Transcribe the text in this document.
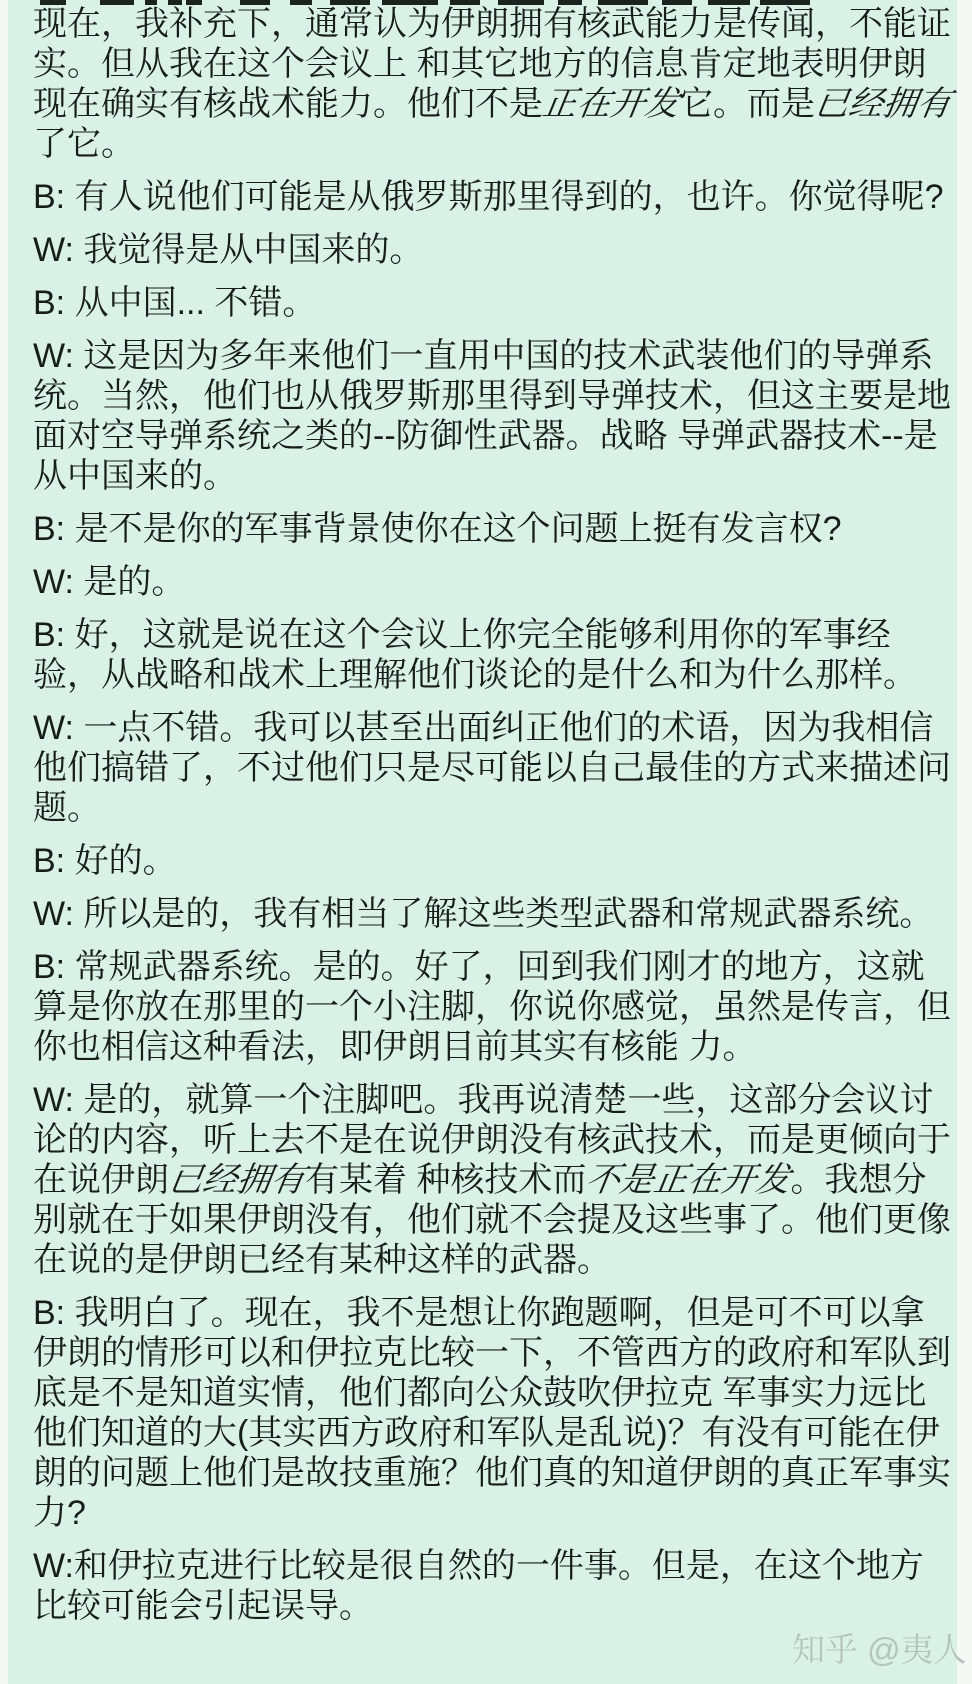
现在，我补充下，通常认为伊朗拥有核武能力是传闻，不能证实。但从我在这个会议上 和其它地方的信息肯定地表明伊朗现在确实有核战术能力。他们不是正在开发它。而是已经拥有了它。

B: 有人说他们可能是从俄罗斯那里得到的，也许。你觉得呢?

W: 我觉得是从中国来的。

B: 从中国... 不错。

W: 这是因为多年来他们一直用中国的技术武装他们的导弹系统。当然，他们也从俄罗斯那里得到导弹技术，但这主要是地面对空导弹系统之类的--防御性武器。战略 导弹武器技术--是从中国来的。

B: 是不是你的军事背景使你在这个问题上挺有发言权?

W: 是的。

B: 好，这就是说在这个会议上你完全能够利用你的军事经验，从战略和战术上理解他们谈论的是什么和为什么那样。

W: 一点不错。我可以甚至出面纠正他们的术语，因为我相信他们搞错了，不过他们只是尽可能以自己最佳的方式来描述问题。

B: 好的。

W: 所以是的，我有相当了解这些类型武器和常规武器系统。

B: 常规武器系统。是的。好了，回到我们刚才的地方，这就算是你放在那里的一个小注脚，你说你感觉，虽然是传言，但你也相信这种看法，即伊朗目前其实有核能 力。

W: 是的，就算一个注脚吧。我再说清楚一些，这部分会议讨论的内容，听上去不是在说伊朗没有核武技术，而是更倾向于在说伊朗已经拥有有某着 种核技术而不是正在开发。我想分别就在于如果伊朗没有，他们就不会提及这些事了。他们更像在说的是伊朗已经有某种这样的武器。

B: 我明白了。现在，我不是想让你跑题啊，但是可不可以拿伊朗的情形可以和伊拉克比较一下，不管西方的政府和军队到底是不是知道实情，他们都向公众鼓吹伊拉克 军事实力远比他们知道的大(其实西方政府和军队是乱说)？有没有可能在伊朗的问题上他们是故技重施？他们真的知道伊朗的真正军事实力?

W:和伊拉克进行比较是很自然的一件事。但是，在这个地方比较可能会引起误导。

知乎 @夷人
